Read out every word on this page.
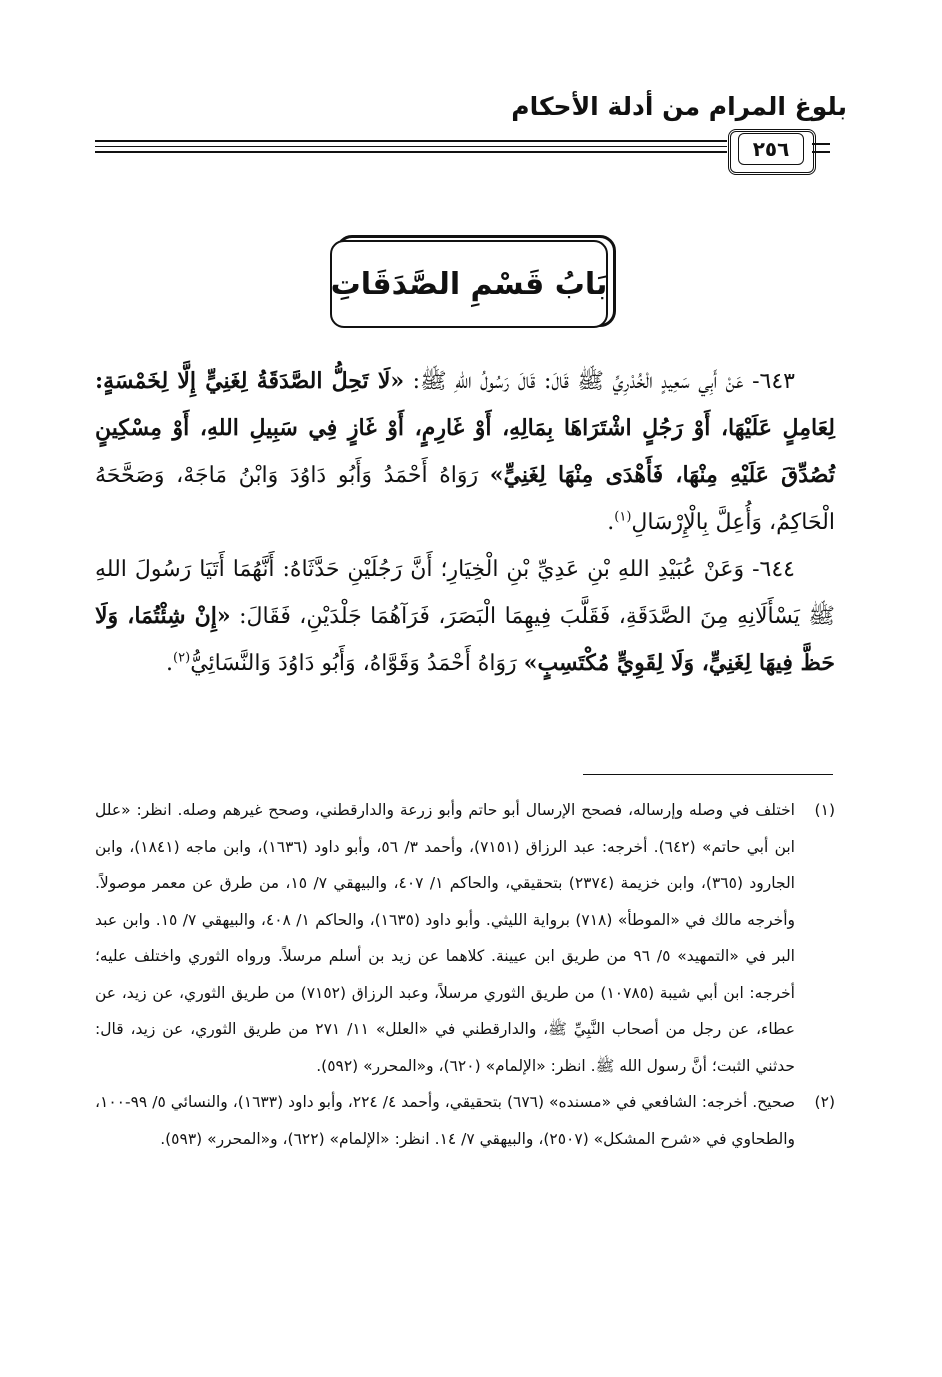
بلوغ المرام من أدلة الأحكام
٢٥٦
بَابُ قَسْمِ الصَّدَقَاتِ

٦٤٣- عَنْ أَبِي سَعِيدٍ الْخُدْرِيِّ ﷺ قَالَ: قَالَ رَسُولُ اللهِ ﷺ: «لَا تَحِلُّ الصَّدَقَةُ لِغَنِيٍّ إِلَّا لِخَمْسَةٍ: لِعَامِلٍ عَلَيْهَا، أَوْ رَجُلٍ اشْتَرَاهَا بِمَالِهِ، أَوْ غَارِمٍ، أَوْ غَازٍ فِي سَبِيلِ اللهِ، أَوْ مِسْكِينٍ تُصُدِّقَ عَلَيْهِ مِنْهَا، فَأَهْدَى مِنْهَا لِغَنِيٍّ» رَوَاهُ أَحْمَدُ وَأَبُو دَاوُدَ وَابْنُ مَاجَهْ، وَصَحَّحَهُ الْحَاكِمُ، وَأُعِلَّ بِالْإِرْسَالِ$^{(١)}$.

٦٤٤- وَعَنْ عُبَيْدِ اللهِ بْنِ عَدِيِّ بْنِ الْخِيَارِ؛ أَنَّ رَجُلَيْنِ حَدَّثَاهُ: أَنَّهُمَا أَتَيَا رَسُولَ اللهِ ﷺ يَسْأَلَانِهِ مِنَ الصَّدَقَةِ، فَقَلَّبَ فِيهِمَا الْبَصَرَ، فَرَآهُمَا جَلْدَيْنِ، فَقَالَ: «إِنْ شِئْتُمَا، وَلَا حَظَّ فِيهَا لِغَنِيٍّ، وَلَا لِقَوِيٍّ مُكْتَسِبٍ» رَوَاهُ أَحْمَدُ وَقَوَّاهُ، وَأَبُو دَاوُدَ وَالنَّسَائِيُّ$^{(٢)}$.

(١)اختلف في وصله وإرساله، فصحح الإرسال أبو حاتم وأبو زرعة والدارقطني، وصحح غيرهم وصله. انظر: «علل ابن أبي حاتم» (٦٤٢). أخرجه: عبد الرزاق (٧١٥١)، وأحمد ٣/ ٥٦، وأبو داود (١٦٣٦)، وابن ماجه (١٨٤١)، وابن الجارود (٣٦٥)، وابن خزيمة (٢٣٧٤) بتحقيقي، والحاكم ١/ ٤٠٧، والبيهقي ٧/ ١٥، من طرق عن معمر موصولاً. وأخرجه مالك في «الموطأ» (٧١٨) برواية الليثي. وأبو داود (١٦٣٥)، والحاكم ١/ ٤٠٨، والبيهقي ٧/ ١٥. وابن عبد البر في «التمهيد» ٥/ ٩٦ من طريق ابن عيينة. كلاهما عن زيد بن أسلم مرسلاً. ورواه الثوري واختلف عليه؛ أخرجه: ابن أبي شيبة (١٠٧٨٥) من طريق الثوري مرسلاً، وعبد الرزاق (٧١٥٢) من طريق الثوري، عن زيد، عن عطاء، عن رجل من أصحاب النَّبِيِّ ﷺ، والدارقطني في «العلل» ١١/ ٢٧١ من طريق الثوري، عن زيد، قال: حدثني الثبت؛ أنَّ رسول الله ﷺ. انظر: «الإلمام» (٦٢٠)، و«المحرر» (٥٩٢).

(٢)صحيح. أخرجه: الشافعي في «مسنده» (٦٧٦) بتحقيقي، وأحمد ٤/ ٢٢٤، وأبو داود (١٦٣٣)، والنسائي ٥/ ٩٩-١٠٠، والطحاوي في «شرح المشكل» (٢٥٠٧)، والبيهقي ٧/ ١٤. انظر: «الإلمام» (٦٢٢)، و«المحرر» (٥٩٣).
